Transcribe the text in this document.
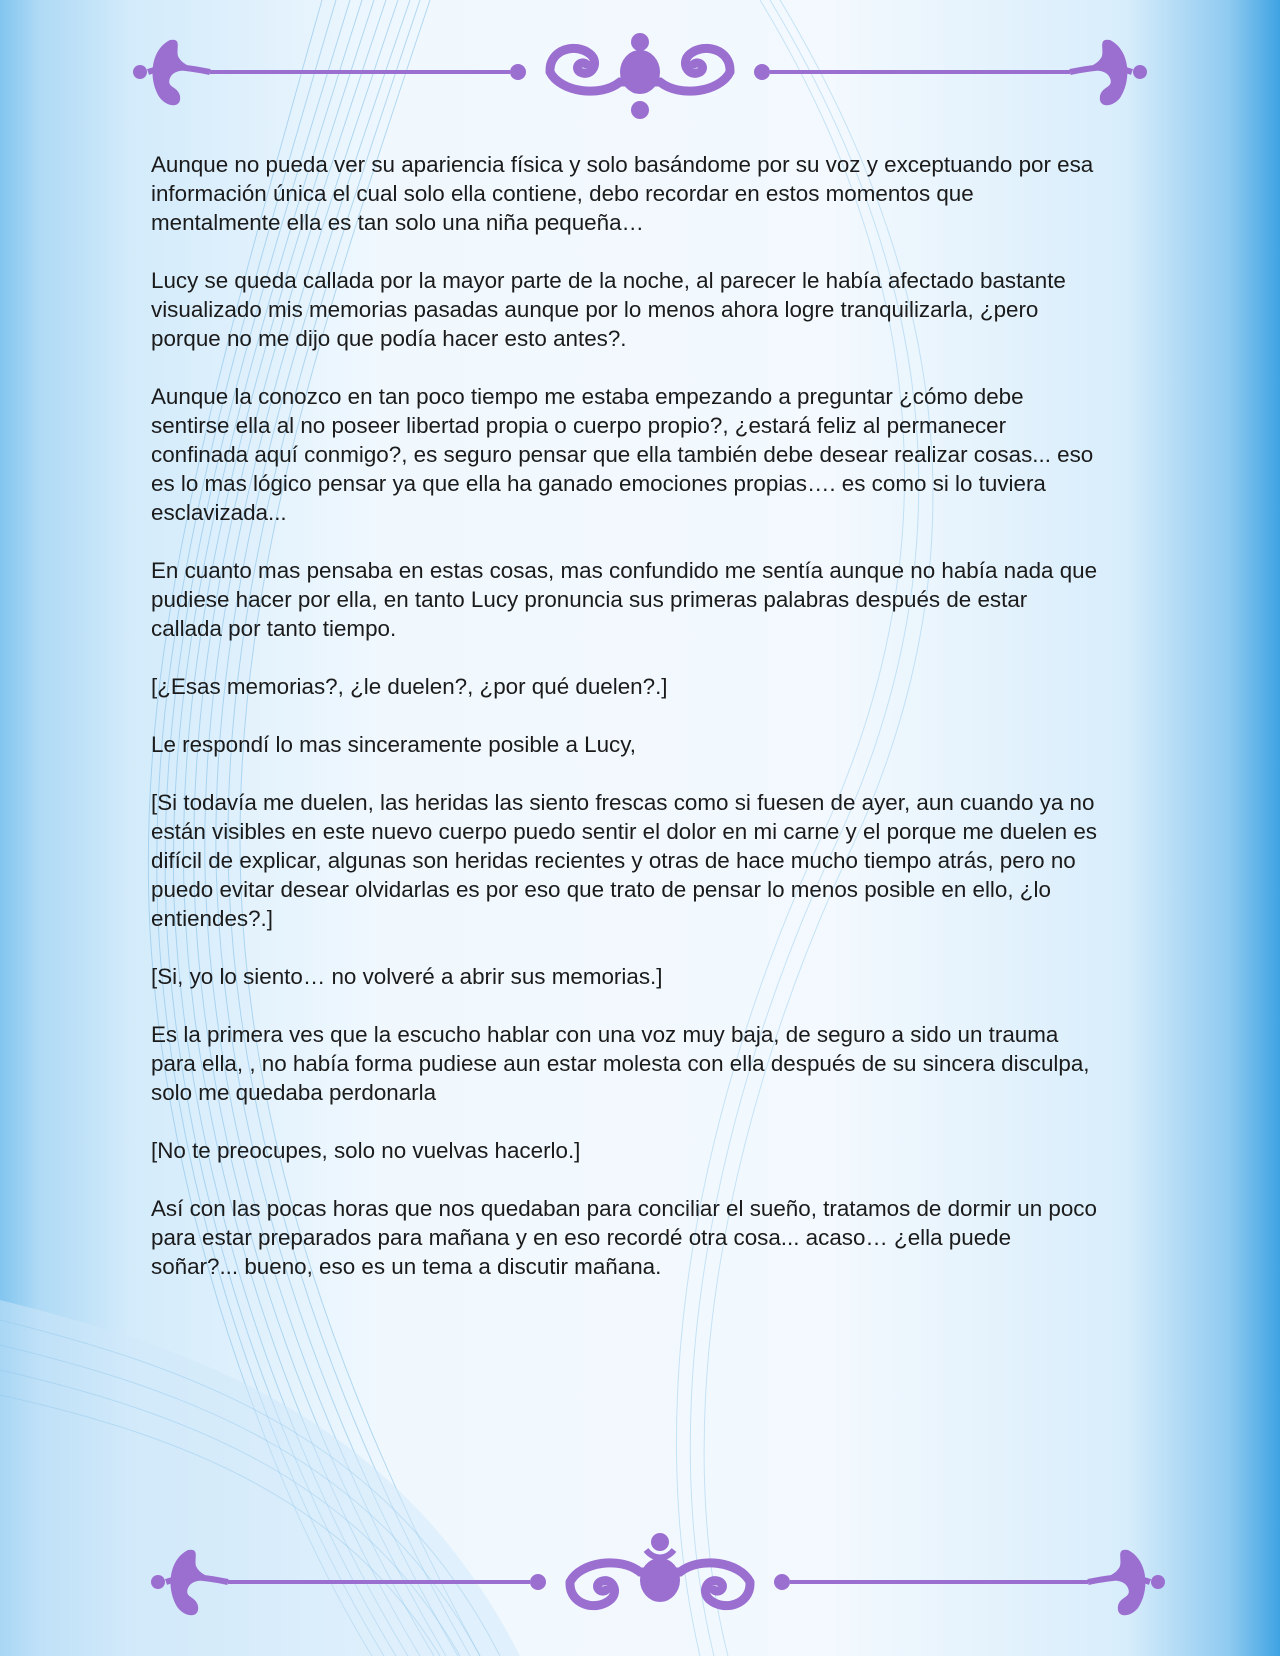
Aunque no pueda ver su apariencia física y solo basándome por su voz y exceptuando por esa información única el cual solo ella contiene, debo recordar en estos momentos que mentalmente ella es tan solo una niña pequeña…

Lucy se queda callada por la mayor parte de la noche, al parecer le había afectado bastante visualizado mis memorias pasadas aunque por lo menos ahora logre tranquilizarla, ¿pero porque no me dijo que podía hacer esto antes?.

Aunque la conozco en tan poco tiempo me estaba empezando a preguntar ¿cómo debe sentirse ella al no poseer libertad propia o cuerpo propio?, ¿estará feliz al permanecer confinada aquí conmigo?, es seguro pensar que ella también debe desear realizar cosas... eso es lo mas lógico pensar ya que ella ha ganado emociones propias…. es como si lo tuviera esclavizada...

En cuanto mas pensaba en estas cosas, mas confundido me sentía aunque no había nada que pudiese hacer por ella, en tanto Lucy pronuncia sus primeras palabras después de estar callada por tanto tiempo.

[¿Esas memorias?, ¿le duelen?, ¿por qué duelen?.]

Le respondí lo mas sinceramente posible a Lucy,

[Si todavía me duelen, las heridas las siento frescas como si fuesen de ayer, aun cuando ya no están visibles en este nuevo cuerpo puedo sentir el dolor en mi carne y el porque me duelen es difícil de explicar, algunas son heridas recientes y otras de hace mucho tiempo atrás, pero no puedo evitar desear olvidarlas es por eso que trato de pensar lo menos posible en ello, ¿lo entiendes?.]

[Si, yo lo siento… no volveré a abrir sus memorias.]

Es la primera ves que la escucho hablar con una voz muy baja, de seguro a sido un trauma para ella, , no había forma pudiese aun estar molesta con ella después de su sincera disculpa, solo me quedaba perdonarla

[No te preocupes, solo no vuelvas hacerlo.]

Así con las pocas horas que nos quedaban para conciliar el sueño, tratamos de dormir un poco para estar preparados para mañana y en eso recordé otra cosa... acaso… ¿ella puede soñar?... bueno, eso es un tema a discutir mañana.
